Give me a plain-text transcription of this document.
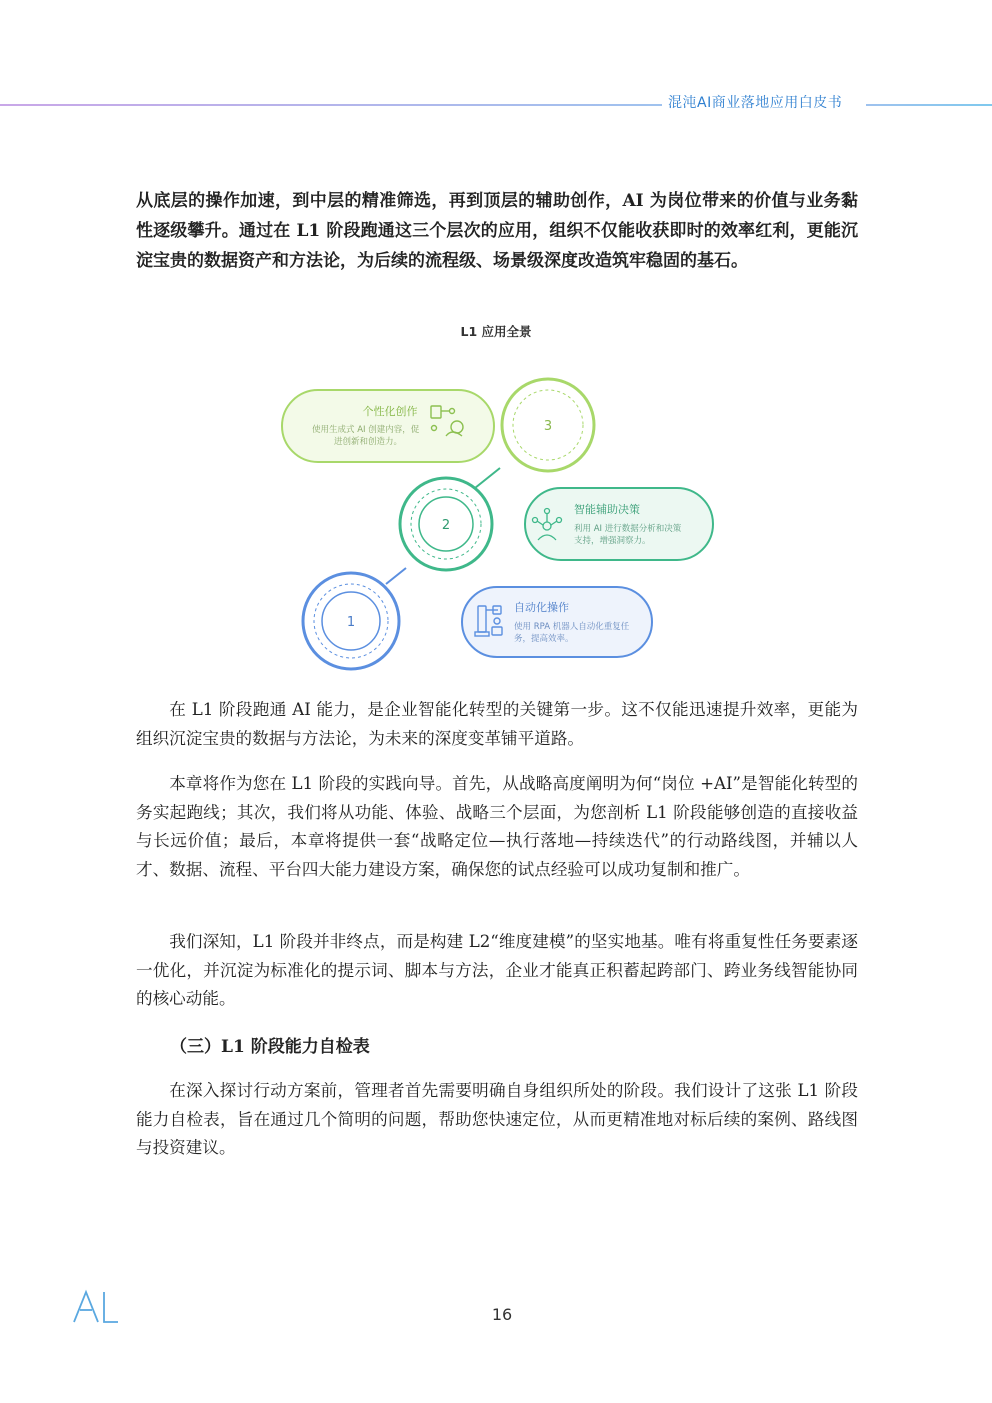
混沌AI商业落地应用白皮书

从底层的操作加速，到中层的精准筛选，再到顶层的辅助创作，AI 为岗位带来的价值与业务黏性逐级攀升。通过在 L1 阶段跑通这三个层次的应用，组织不仅能收获即时的效率红利，更能沉淀宝贵的数据资产和方法论，为后续的流程级、场景级深度改造筑牢稳固的基石。

L1 应用全景
个性化创作
使用生成式 AI 创建内容，促
进创新和创造力。
3
2
智能辅助决策
利用 AI 进行数据分析和决策
支持，增强洞察力。
1
自动化操作
使用 RPA 机器人自动化重复任
务，提高效率。

在 L1 阶段跑通 AI 能力，是企业智能化转型的关键第一步。这不仅能迅速提升效率，更能为组织沉淀宝贵的数据与方法论，为未来的深度变革铺平道路。

本章将作为您在 L1 阶段的实践向导。首先，从战略高度阐明为何“岗位 +AI”是智能化转型的务实起跑线；其次，我们将从功能、体验、战略三个层面，为您剖析 L1 阶段能够创造的直接收益与长远价值；最后，本章将提供一套“战略定位—执行落地—持续迭代”的行动路线图，并辅以人才、数据、流程、平台四大能力建设方案，确保您的试点经验可以成功复制和推广。

我们深知，L1 阶段并非终点，而是构建 L2“维度建模”的坚实地基。唯有将重复性任务要素逐一优化，并沉淀为标准化的提示词、脚本与方法，企业才能真正积蓄起跨部门、跨业务线智能协同的核心动能。

（三）L1 阶段能力自检表

在深入探讨行动方案前，管理者首先需要明确自身组织所处的阶段。我们设计了这张 L1 阶段能力自检表，旨在通过几个简明的问题，帮助您快速定位，从而更精准地对标后续的案例、路线图与投资建议。

16
